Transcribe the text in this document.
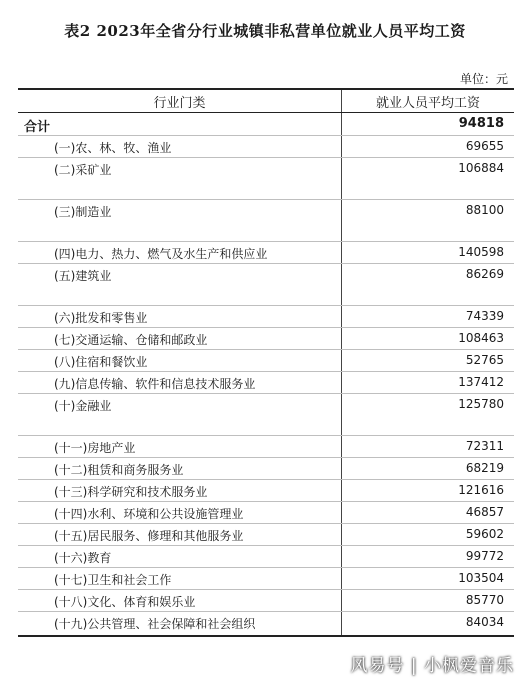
表2 2023年全省分行业城镇非私营单位就业人员平均工资
单位：元
行业门类	就业人员平均工资
合计	94818
(一)农、林、牧、渔业	69655
(二)采矿业	106884
(三)制造业	88100
(四)电力、热力、燃气及水生产和供应业	140598
(五)建筑业	86269
(六)批发和零售业	74339
(七)交通运输、仓储和邮政业	108463
(八)住宿和餐饮业	52765
(九)信息传输、软件和信息技术服务业	137412
(十)金融业	125780
(十一)房地产业	72311
(十二)租赁和商务服务业	68219
(十三)科学研究和技术服务业	121616
(十四)水利、环境和公共设施管理业	46857
(十五)居民服务、修理和其他服务业	59602
(十六)教育	99772
(十七)卫生和社会工作	103504
(十八)文化、体育和娱乐业	85770
(十九)公共管理、社会保障和社会组织	84034
风易号 | 小枫爱音乐
